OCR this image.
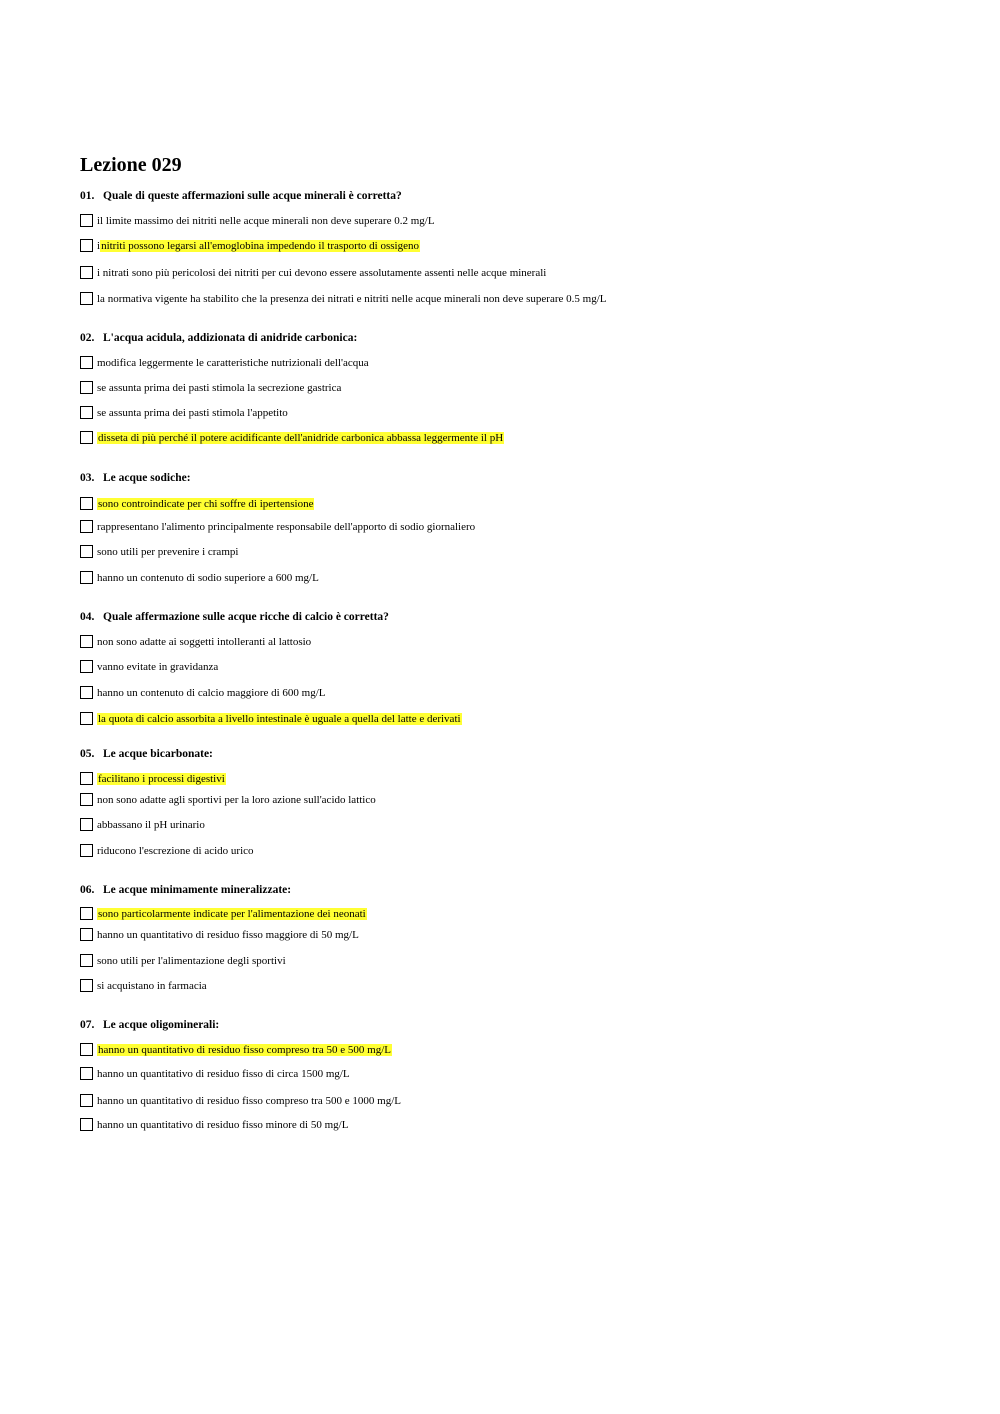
Lezione 029
01. Quale di queste affermazioni sulle acque minerali è corretta?
il limite massimo dei nitriti nelle acque minerali non deve superare 0.2 mg/L
i nitriti possono legarsi all'emoglobina impedendo il trasporto di ossigeno
i nitrati sono più pericolosi dei nitriti per cui devono essere assolutamente assenti nelle acque minerali
la normativa vigente ha stabilito che la presenza dei nitrati e nitriti nelle acque minerali non deve superare 0.5 mg/L
02. L'acqua acidula, addizionata di anidride carbonica:
modifica leggermente le caratteristiche nutrizionali dell'acqua
se assunta prima dei pasti stimola la secrezione gastrica
se assunta prima dei pasti stimola l'appetito
disseta di più perché il potere acidificante dell'anidride carbonica abbassa leggermente il pH
03. Le acque sodiche:
sono controindicate per chi soffre di ipertensione
rappresentano l'alimento principalmente responsabile dell'apporto di sodio giornaliero
sono utili per prevenire i crampi
hanno un contenuto di sodio superiore a 600 mg/L
04. Quale affermazione sulle acque ricche di calcio è corretta?
non sono adatte ai soggetti intolleranti al lattosio
vanno evitate in gravidanza
hanno un contenuto di calcio maggiore di 600 mg/L
la quota di calcio assorbita a livello intestinale è uguale a quella del latte e derivati
05. Le acque bicarbonate:
facilitano i processi digestivi
non sono adatte agli sportivi per la loro azione sull'acido lattico
abbassano il pH urinario
riducono l'escrezione di acido urico
06. Le acque minimamente mineralizzate:
sono particolarmente indicate per l'alimentazione dei neonati
hanno un quantitativo di residuo fisso maggiore di 50 mg/L
sono utili per l'alimentazione degli sportivi
si acquistano in farmacia
07. Le acque oligominerali:
hanno un quantitativo di residuo fisso compreso tra 50 e 500 mg/L
hanno un quantitativo di residuo fisso di circa 1500 mg/L
hanno un quantitativo di residuo fisso compreso tra 500 e 1000 mg/L
hanno un quantitativo di residuo fisso minore di 50 mg/L
